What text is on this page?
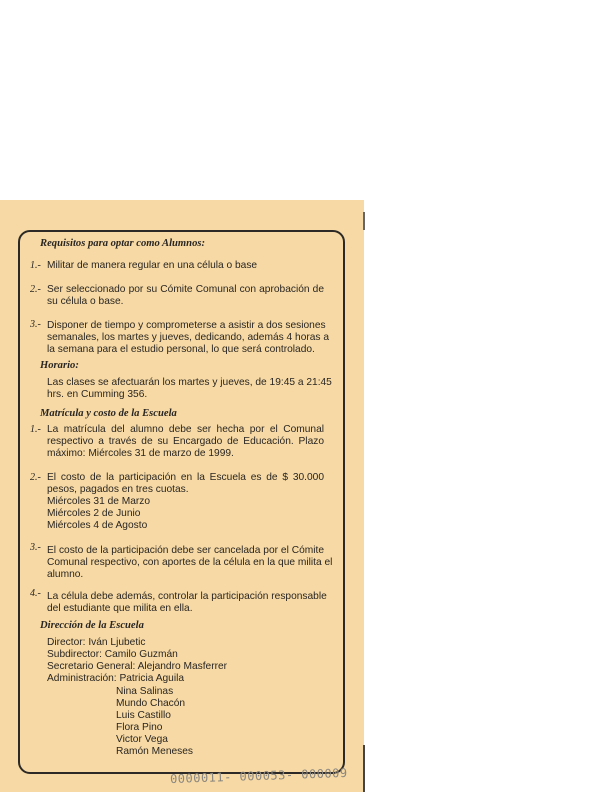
Requisitos para optar como Alumnos:
1.- Militar de manera regular en una célula o base
2.- Ser seleccionado por su Cómite Comunal con aprobación de
su célula o base.
3.- Disponer de tiempo y comprometerse a asistir a dos sesiones
semanales, los martes y jueves, dedicando, además 4 horas a
la semana para el estudio personal, lo que será controlado.
Horario:
Las clases se afectuarán los martes y jueves, de 19:45 a 21:45
hrs. en Cumming 356.
Matrícula y costo de la Escuela
1.- La matrícula del alumno debe ser hecha por el Comunal
respectivo a través de su Encargado de Educación. Plazo
máximo: Miércoles 31 de marzo de 1999.
2.- El costo de la participación en la Escuela es de $ 30.000
pesos, pagados en tres cuotas.
Miércoles 31 de Marzo
Miércoles 2 de Junio
Miércoles 4 de Agosto
3.- El costo de la participación debe ser cancelada por el Cómite
Comunal respectivo, con aportes de la célula en la que milita el
alumno.
4.- La célula debe además, controlar la participación responsable
del estudiante que milita en ella.
Dirección de la Escuela
Director: Iván Ljubetic
Subdirector: Camilo Guzmán
Secretario General: Alejandro Masferrer
Administración: Patricia Aguila
Nina Salinas
Mundo Chacón
Luis Castillo
Flora Pino
Victor Vega
Ramón Meneses
0000011- 000053- 000009
